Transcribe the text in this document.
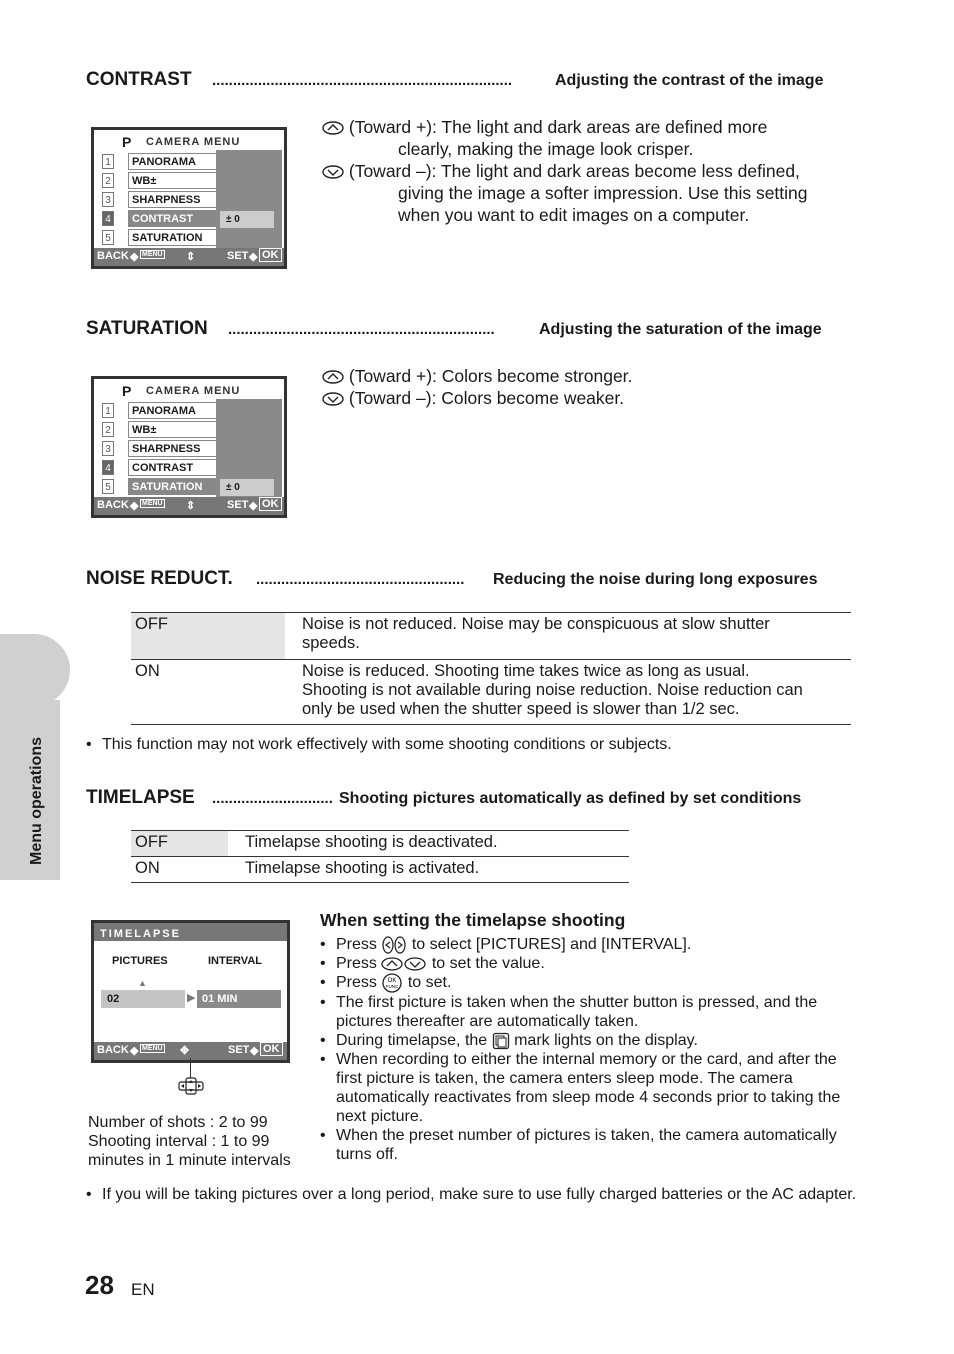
Menu operations
CONTRAST ........................................................................	Adjusting the contrast of the image
P CAMERA MENU
1
2
3
4
5
PANORAMA
WB±
SHARPNESS
CONTRAST
SATURATION
± 0
BACK ◆ MENU ⇕	SET ◆ OK
(Toward +): The light and dark areas are defined more
clearly, making the image look crisper.
(Toward –): The light and dark areas become less defined,
giving the image a softer impression. Use this setting
when you want to edit images on a computer.
SATURATION ................................................................	Adjusting the saturation of the image
P CAMERA MENU
1
2
3
4
5
PANORAMA
WB±
SHARPNESS
CONTRAST
SATURATION	± 0
BACK ◆ MENU ⇕	SET ◆ OK
(Toward +): Colors become stronger.
(Toward –): Colors become weaker.
NOISE REDUCT. ..................................................	Reducing the noise during long exposures
OFF	Noise is not reduced. Noise may be conspicuous at slow shutter speeds.
ON	Noise is reduced. Shooting time takes twice as long as usual. Shooting is not available during noise reduction. Noise reduction can only be used when the shutter speed is slower than 1/2 sec.
• This function may not work effectively with some shooting conditions or subjects.
TIMELAPSE ............................. Shooting pictures automatically as defined by set conditions
OFF	Timelapse shooting is deactivated.
ON	Timelapse shooting is activated.
TIMELAPSE
PICTURES	INTERVAL
▲
02	▶ 01 MIN
BACK ◆ MENU ✥	SET ◆ OK
Number of shots : 2 to 99
Shooting interval : 1 to 99
minutes in 1 minute intervals
When setting the timelapse shooting
• Press to select [PICTURES] and [INTERVAL].
• Press	to set the value.
• Press OK
FUNC to set.
• The first picture is taken when the shutter button is pressed, and the pictures thereafter are automatically taken.
• During timelapse, the mark lights on the display.
• When recording to either the internal memory or the card, and after the first picture is taken, the camera enters sleep mode. The camera automatically reactivates from sleep mode 4 seconds prior to taking the next picture.
• When the preset number of pictures is taken, the camera automatically turns off.
• If you will be taking pictures over a long period, make sure to use fully charged batteries or the AC adapter.
28 EN
